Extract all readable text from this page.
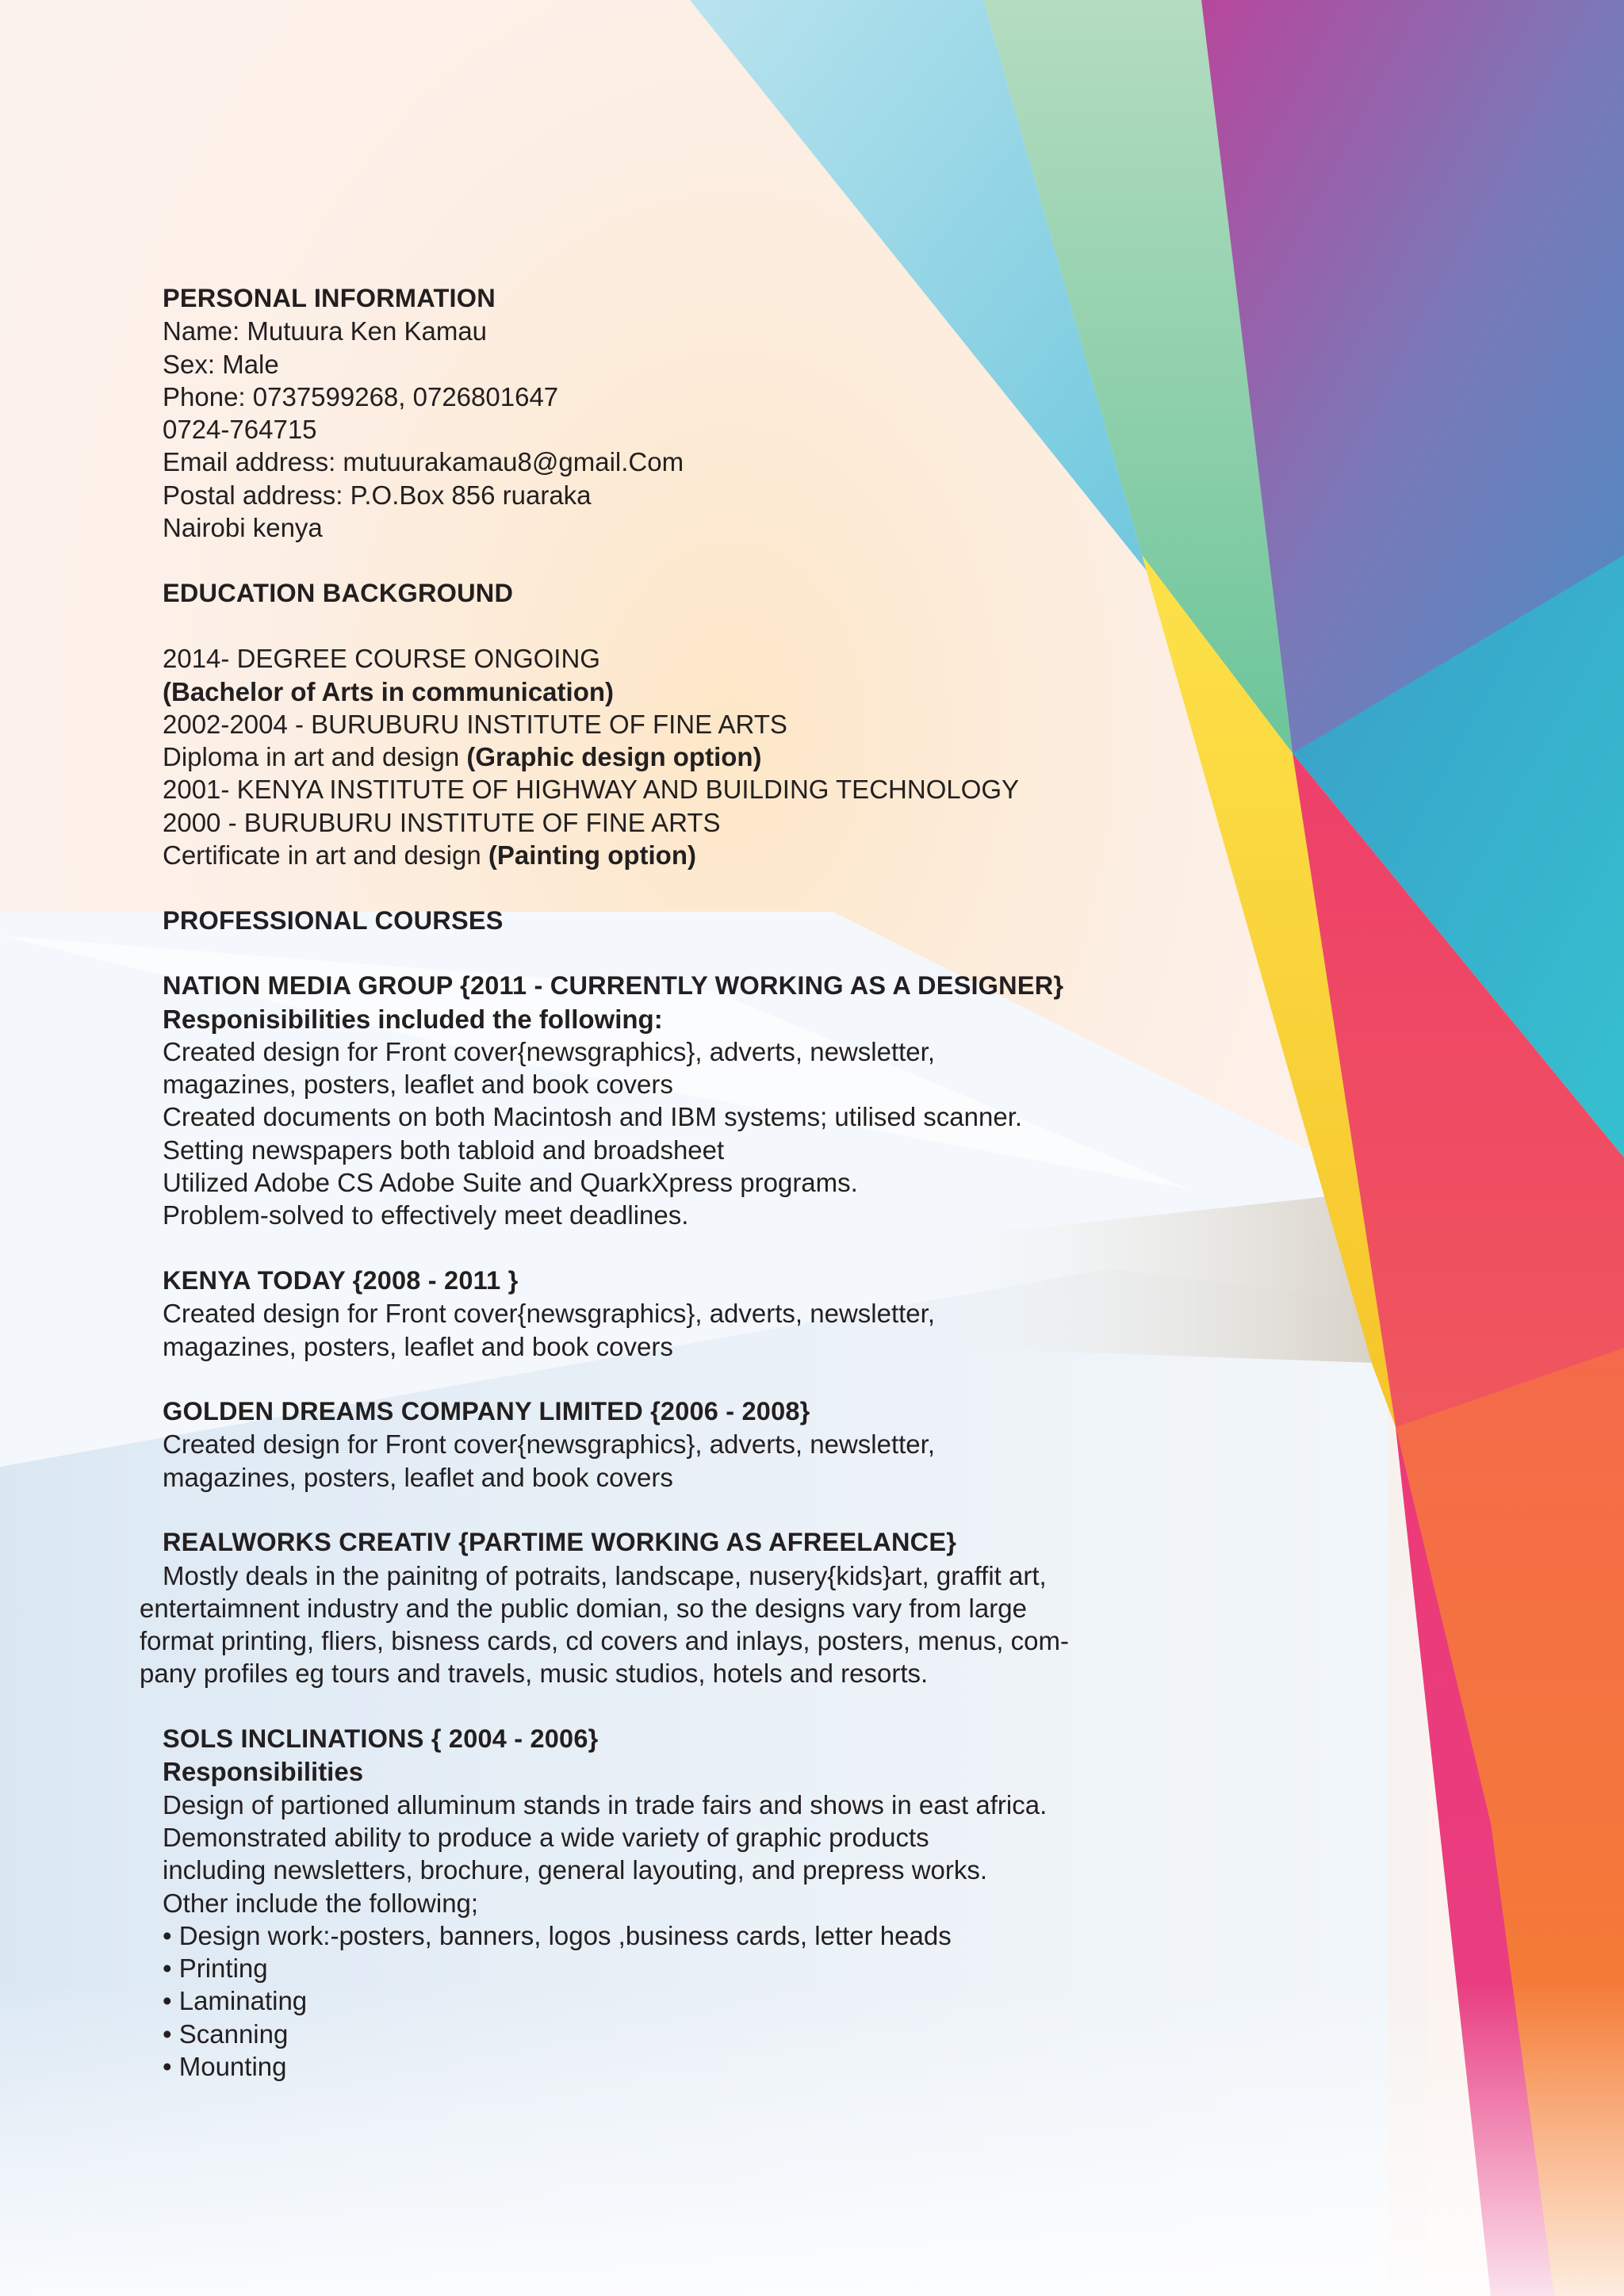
PERSONAL INFORMATION
Name: Mutuura Ken Kamau
Sex: Male
Phone: 0737599268, 0726801647
0724-764715
Email address: mutuurakamau8@gmail.Com
Postal address: P.O.Box 856 ruaraka
Nairobi kenya
EDUCATION BACKGROUND
2014- DEGREE COURSE ONGOING
(Bachelor of Arts in communication)
2002-2004 - BURUBURU INSTITUTE OF FINE ARTS
Diploma in art and design (Graphic design option)
2001- KENYA INSTITUTE OF HIGHWAY AND BUILDING TECHNOLOGY
2000 - BURUBURU INSTITUTE OF FINE ARTS
Certificate in art and design (Painting option)
PROFESSIONAL COURSES
NATION MEDIA GROUP {2011 - CURRENTLY WORKING AS A DESIGNER}
Responisibilities included the following:
Created design for Front cover{newsgraphics}, adverts, newsletter,
magazines, posters, leaflet and book covers
Created documents on both Macintosh and IBM systems; utilised scanner.
Setting newspapers both tabloid and broadsheet
Utilized Adobe CS Adobe Suite and QuarkXpress programs.
Problem-solved to effectively meet deadlines.
KENYA TODAY {2008 - 2011 }
Created design for Front cover{newsgraphics}, adverts, newsletter,
magazines, posters, leaflet and book covers
GOLDEN DREAMS COMPANY LIMITED {2006 - 2008}
Created design for Front cover{newsgraphics}, adverts, newsletter,
magazines, posters, leaflet and book covers
REALWORKS CREATIV {PARTIME WORKING AS AFREELANCE}
Mostly deals in the painitng of potraits, landscape, nusery{kids}art, graffit art,
entertaimnent industry and the public domian, so the designs vary from large
format printing, fliers, bisness cards, cd covers and inlays, posters, menus, com-
pany profiles eg tours and travels, music studios, hotels and resorts.
SOLS INCLINATIONS { 2004 - 2006}
Responsibilities
Design of partioned alluminum stands in trade fairs and shows in east africa.
Demonstrated ability to produce a wide variety of graphic products
including newsletters, brochure, general layouting, and prepress works.
Other include the following;
• Design work:-posters, banners, logos ,business cards, letter heads
• Printing
• Laminating
• Scanning
• Mounting
